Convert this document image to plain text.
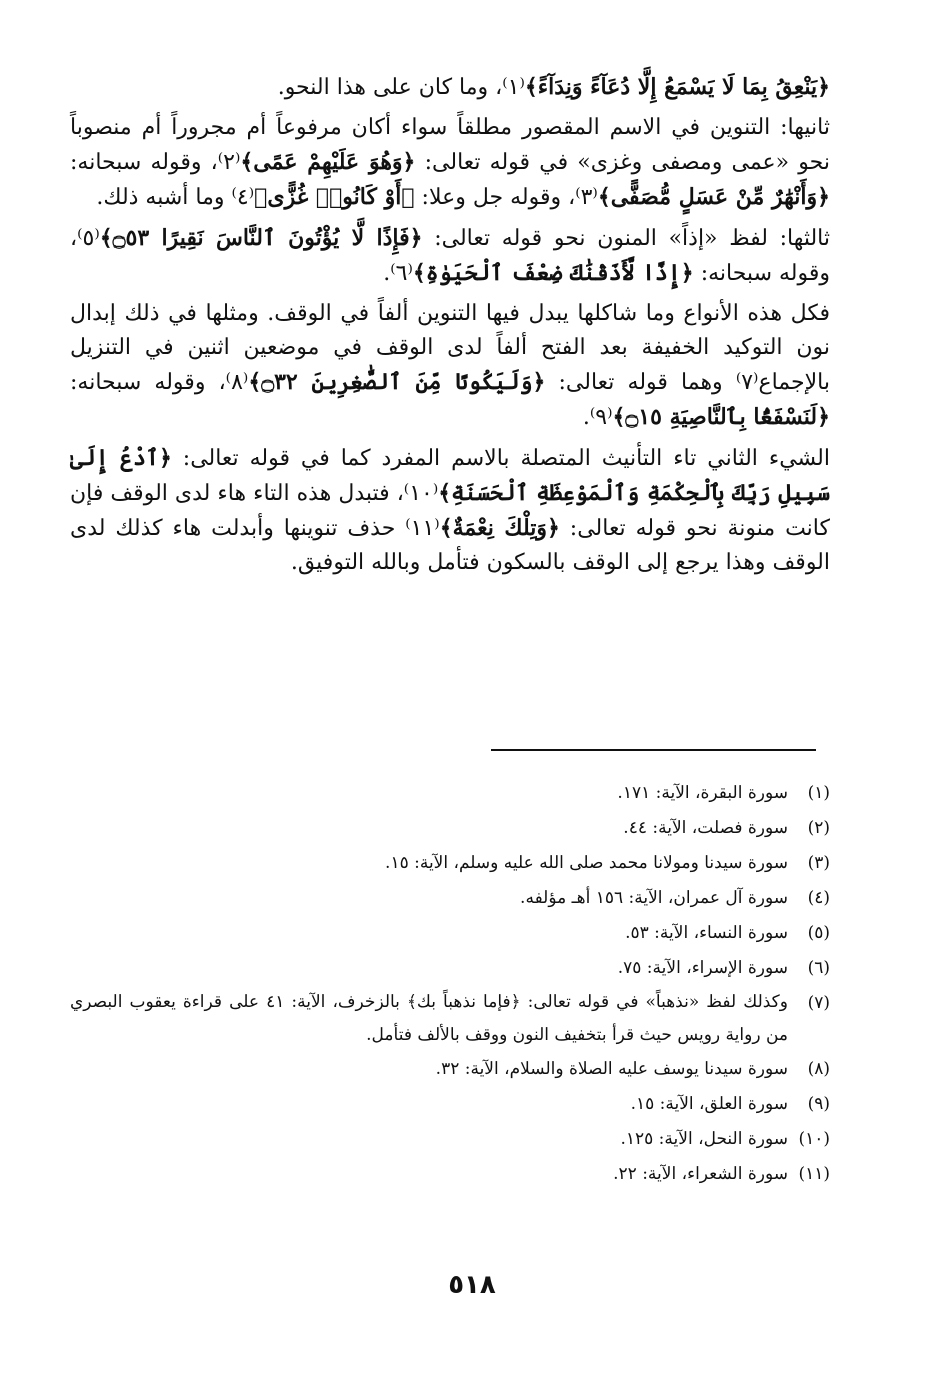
﴿يَنْعِقُ بِمَا لَا يَسْمَعُ إِلَّا دُعَآءً وَنِدَآءً﴾⁽١⁾، وما كان على هذا النحو.

ثانيها: التنوين في الاسم المقصور مطلقاً سواء أكان مرفوعاً أم مجروراً أم منصوباً نحو «عمى ومصفى وغزى» في قوله تعالى: ﴿وَهُوَ عَلَيْهِمْ عَمًى﴾⁽٢⁾، وقوله سبحانه: ﴿وَأَنْهَٰرٌ مِّنْ عَسَلٍ مُّصَفًّى﴾⁽٣⁾، وقوله جل وعلا: ﴿أَوْ كَانُوا۟ غُزًّى﴾⁽٤⁾ وما أشبه ذلك.

ثالثها: لفظ «إذاً» المنون نحو قوله تعالى: ﴿فَإِذًا لَّا يُؤْتُونَ ٱلنَّاسَ نَقِيرًا ۝٥٣﴾⁽٥⁾، وقوله سبحانه: ﴿إِذًا لَّأَذَقْنَٰكَ ضِعْفَ ٱلْحَيَوٰةِ﴾⁽٦⁾.

فكل هذه الأنواع وما شاكلها يبدل فيها التنوين ألفاً في الوقف. ومثلها في ذلك إبدال نون التوكيد الخفيفة بعد الفتح ألفاً لدى الوقف في موضعين اثنين في التنزيل بالإجماع⁽٧⁾ وهما قوله تعالى: ﴿وَلَيَكُونًا مِّنَ ٱلصَّٰغِرِينَ ۝٣٢﴾⁽٨⁾، وقوله سبحانه: ﴿لَنَسْفَعًۢا بِٱلنَّاصِيَةِ ۝١٥﴾⁽٩⁾.

الشيء الثاني تاء التأنيث المتصلة بالاسم المفرد كما في قوله تعالى: ﴿ٱدْعُ إِلَىٰ سَبِيلِ رَبِّكَ بِٱلْحِكْمَةِ وَٱلْمَوْعِظَةِ ٱلْحَسَنَةِ﴾⁽١٠⁾، فتبدل هذه التاء هاء لدى الوقف فإن كانت منونة نحو قوله تعالى: ﴿وَتِلْكَ نِعْمَةٌ﴾⁽١١⁾ حذف تنوينها وأبدلت هاء كذلك لدى الوقف وهذا يرجع إلى الوقف بالسكون فتأمل وبالله التوفيق.

(١)
سورة البقرة، الآية: ١٧١.
(٢)
سورة فصلت، الآية: ٤٤.
(٣)
سورة سيدنا ومولانا محمد صلى الله عليه وسلم، الآية: ١٥.
(٤)
سورة آل عمران، الآية: ١٥٦ أهـ مؤلفه.
(٥)
سورة النساء، الآية: ٥٣.
(٦)
سورة الإسراء، الآية: ٧٥.
(٧)
وكذلك لفظ «نذهباً» في قوله تعالى: ﴿فإما نذهباً بك﴾ بالزخرف، الآية: ٤١ على قراءة يعقوب البصري من رواية رويس حيث قرأ بتخفيف النون ووقف بالألف فتأمل.
(٨)
سورة سيدنا يوسف عليه الصلاة والسلام، الآية: ٣٢.
(٩)
سورة العلق، الآية: ١٥.
(١٠)
سورة النحل، الآية: ١٢٥.
(١١)
سورة الشعراء، الآية: ٢٢.
٥١٨
